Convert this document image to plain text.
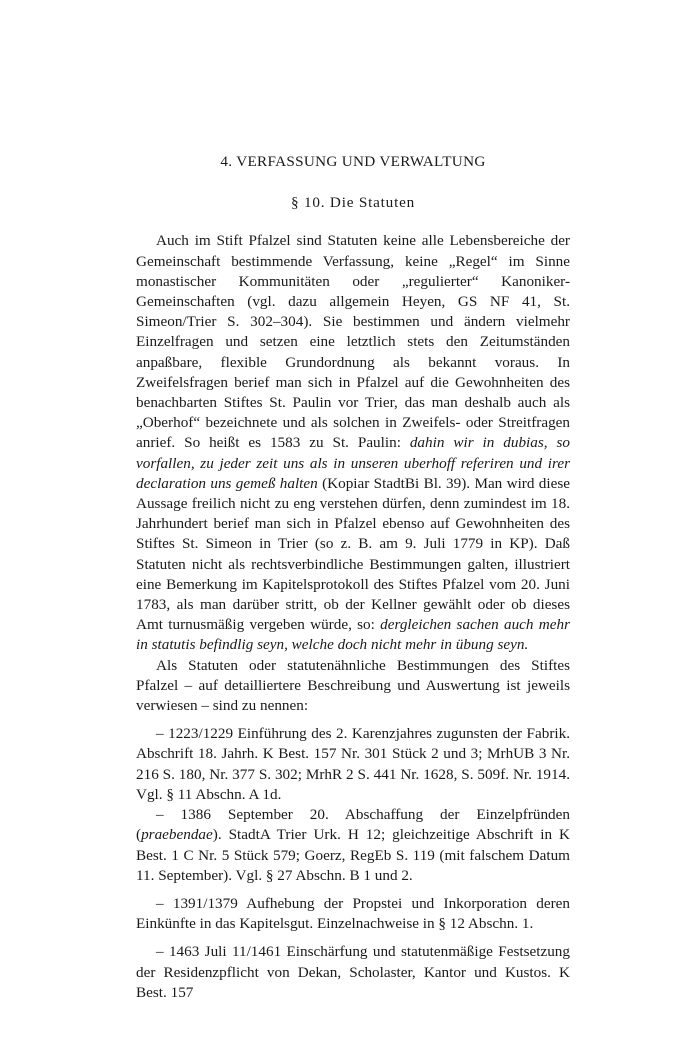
4. VERFASSUNG UND VERWALTUNG
§ 10. Die Statuten

Auch im Stift Pfalzel sind Statuten keine alle Lebensbereiche der Gemeinschaft bestimmende Verfassung, keine „Regel“ im Sinne monastischer Kommunitäten oder „regulierter“ Kanoniker-Gemeinschaften (vgl. dazu allgemein Heyen, GS NF 41, St. Simeon/Trier S. 302–304). Sie bestimmen und ändern vielmehr Einzelfragen und setzen eine letztlich stets den Zeitumständen anpaßbare, flexible Grundordnung als bekannt voraus. In Zweifelsfragen berief man sich in Pfalzel auf die Gewohnheiten des benachbarten Stiftes St. Paulin vor Trier, das man deshalb auch als „Oberhof“ bezeichnete und als solchen in Zweifels- oder Streitfragen anrief. So heißt es 1583 zu St. Paulin: dahin wir in dubias, so vorfallen, zu jeder zeit uns als in unseren uberhoff referiren und irer declaration uns gemeß halten (Kopiar StadtBi Bl. 39). Man wird diese Aussage freilich nicht zu eng verstehen dürfen, denn zumindest im 18. Jahrhundert berief man sich in Pfalzel ebenso auf Gewohnheiten des Stiftes St. Simeon in Trier (so z. B. am 9. Juli 1779 in KP). Daß Statuten nicht als rechtsverbindliche Bestimmungen galten, illustriert eine Bemerkung im Kapitelsprotokoll des Stiftes Pfalzel vom 20. Juni 1783, als man darüber stritt, ob der Kellner gewählt oder ob dieses Amt turnusmäßig vergeben würde, so: dergleichen sachen auch mehr in statutis befindlig seyn, welche doch nicht mehr in übung seyn.

Als Statuten oder statutenähnliche Bestimmungen des Stiftes Pfalzel – auf detailliertere Beschreibung und Auswertung ist jeweils verwiesen – sind zu nennen:

– 1223/1229 Einführung des 2. Karenzjahres zugunsten der Fabrik. Abschrift 18. Jahrh. K Best. 157 Nr. 301 Stück 2 und 3; MrhUB 3 Nr. 216 S. 180, Nr. 377 S. 302; MrhR 2 S. 441 Nr. 1628, S. 509f. Nr. 1914. Vgl. § 11 Abschn. A 1d.

– 1386 September 20. Abschaffung der Einzelpfründen (praebendae). StadtA Trier Urk. H 12; gleichzeitige Abschrift in K Best. 1 C Nr. 5 Stück 579; Goerz, RegEb S. 119 (mit falschem Datum 11. September). Vgl. § 27 Abschn. B 1 und 2.

– 1391/1379 Aufhebung der Propstei und Inkorporation deren Einkünfte in das Kapitelsgut. Einzelnachweise in § 12 Abschn. 1.

– 1463 Juli 11/1461 Einschärfung und statutenmäßige Festsetzung der Residenzpflicht von Dekan, Scholaster, Kantor und Kustos. K Best. 157
